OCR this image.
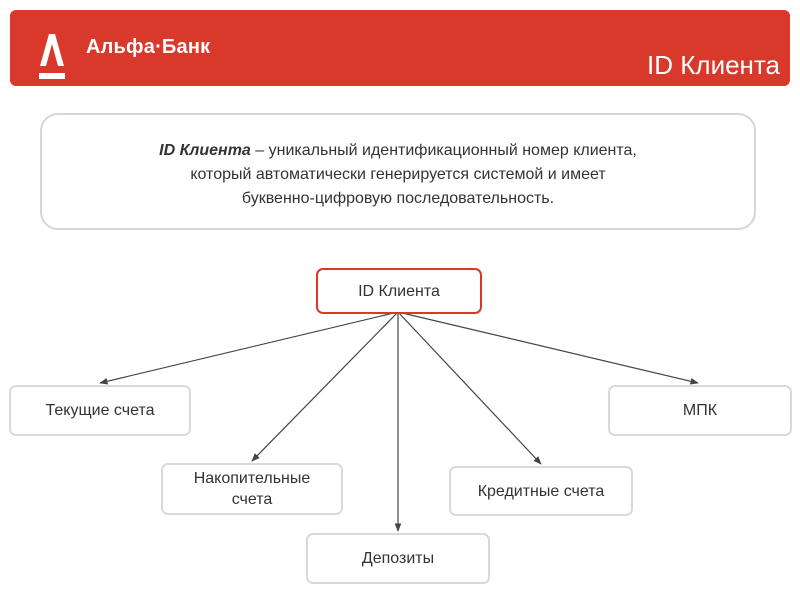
Альфа·Банк
ID Клиента
ID Клиента – уникальный идентификационный номер клиента,
который автоматически генерируется системой и имеет
буквенно-цифровую последовательность.
ID Клиента
Текущие счета
Накопительные
счета
Депозиты
Кредитные счета
МПК
